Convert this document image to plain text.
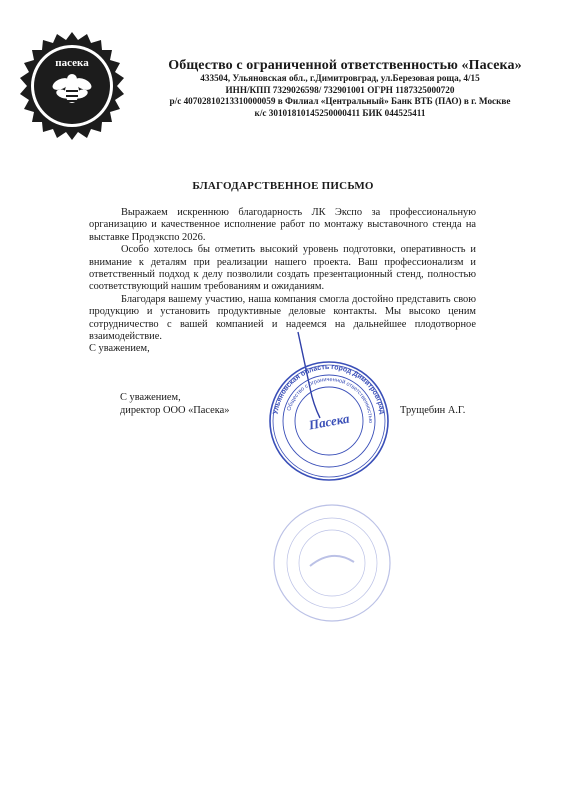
пасека	Общество с ограниченной ответственностью «Пасека»
433504, Ульяновская обл., г.Димитровград, ул.Березовая роща, 4/15
ИНН/КПП 7329026598/ 732901001 ОГРН 1187325000720
р/с 40702810213310000059 в Филиал «Центральный» Банк ВТБ (ПАО) в г. Москве
к/с 30101810145250000411 БИК 044525411
БЛАГОДАРСТВЕННОЕ ПИСЬМО

Выражаем искреннюю благодарность ЛК Экспо за профессиональную организацию и качественное исполнение работ по монтажу выставочного стенда на выставке Продэкспо 2026.

Особо хотелось бы отметить высокий уровень подготовки, оперативность и внимание к деталям при реализации нашего проекта. Ваш профессионализм и ответственный подход к делу позволили создать презентационный стенд, полностью соответствующий нашим требованиям и ожиданиям.

Благодаря вашему участию, наша компания смогла достойно представить свою продукцию и установить продуктивные деловые контакты. Мы высоко ценим сотрудничество с вашей компанией и надеемся на дальнейшее плодотворное взаимодействие.

С уважением,

С уважением,
директор ООО «Пасека»	Трущебин А.Г.
Ульяновская область город Димитровград
Общество с ограниченной ответственностью
Пасека
